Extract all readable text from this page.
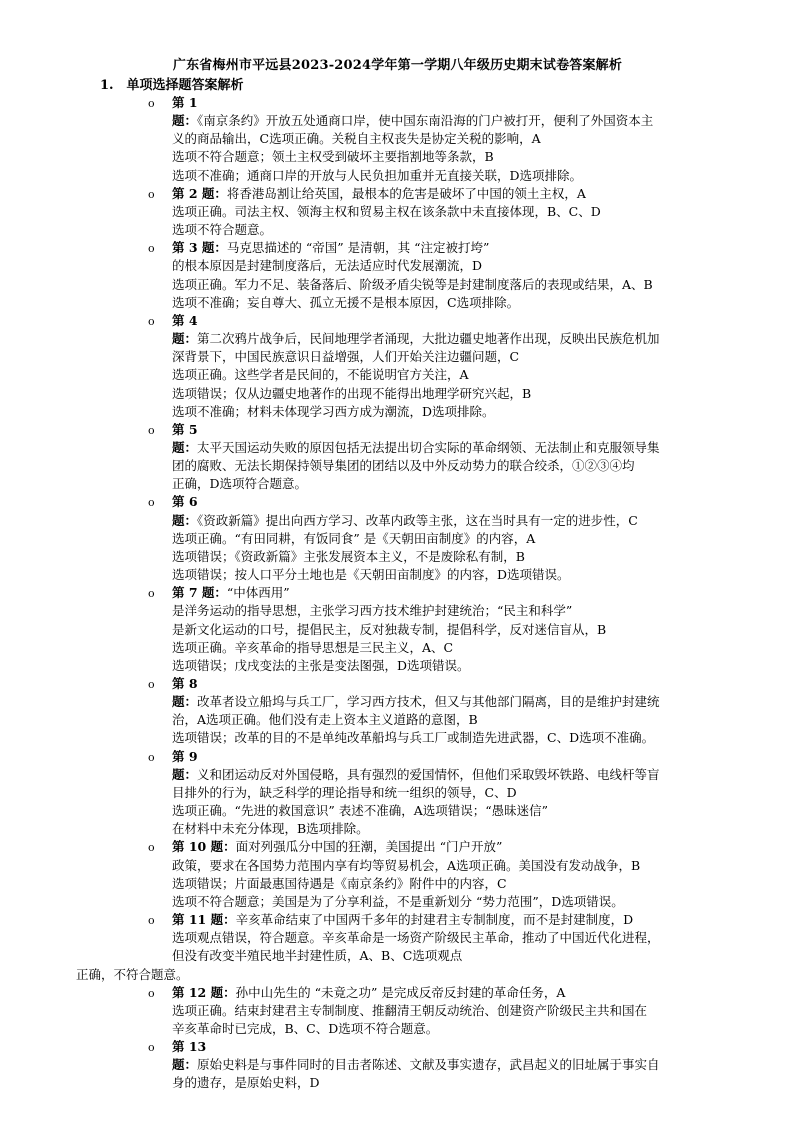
广东省梅州市平远县2023-2024学年第一学期八年级历史期末试卷答案解析
1. 单项选择题答案解析
o 第 1
题：《南京条约》开放五处通商口岸，使中国东南沿海的门户被打开，便利了外国资本主
义的商品输出，C选项正确。关税自主权丧失是协定关税的影响，A
选项不符合题意；领土主权受到破坏主要指割地等条款，B
选项不准确；通商口岸的开放与人民负担加重并无直接关联，D选项排除。
o 第 2 题：将香港岛割让给英国，最根本的危害是破坏了中国的领土主权，A
选项正确。司法主权、领海主权和贸易主权在该条款中未直接体现，B、C、D
选项不符合题意。
o 第 3 题：马克思描述的 “帝国” 是清朝，其 “注定被打垮”
的根本原因是封建制度落后，无法适应时代发展潮流，D
选项正确。军力不足、装备落后、阶级矛盾尖锐等是封建制度落后的表现或结果，A、B
选项不准确；妄自尊大、孤立无援不是根本原因，C选项排除。
o 第 4
题：第二次鸦片战争后，民间地理学者涌现，大批边疆史地著作出现，反映出民族危机加
深背景下，中国民族意识日益增强，人们开始关注边疆问题，C
选项正确。这些学者是民间的，不能说明官方关注，A
选项错误；仅从边疆史地著作的出现不能得出地理学研究兴起，B
选项不准确；材料未体现学习西方成为潮流，D选项排除。
o 第 5
题：太平天国运动失败的原因包括无法提出切合实际的革命纲领、无法制止和克服领导集
团的腐败、无法长期保持领导集团的团结以及中外反动势力的联合绞杀，①②③④均
正确，D选项符合题意。
o 第 6
题：《资政新篇》提出向西方学习、改革内政等主张，这在当时具有一定的进步性，C
选项正确。“有田同耕，有饭同食” 是《天朝田亩制度》的内容，A
选项错误；《资政新篇》主张发展资本主义，不是废除私有制，B
选项错误；按人口平分土地也是《天朝田亩制度》的内容，D选项错误。
o 第 7 题：“中体西用”
是洋务运动的指导思想，主张学习西方技术维护封建统治；“民主和科学”
是新文化运动的口号，提倡民主，反对独裁专制，提倡科学，反对迷信盲从，B
选项正确。辛亥革命的指导思想是三民主义，A、C
选项错误；戊戌变法的主张是变法图强，D选项错误。
o 第 8
题：改革者设立船坞与兵工厂，学习西方技术，但又与其他部门隔离，目的是维护封建统
治，A选项正确。他们没有走上资本主义道路的意图，B
选项错误；改革的目的不是单纯改革船坞与兵工厂或制造先进武器，C、D选项不准确。
o 第 9
题：义和团运动反对外国侵略，具有强烈的爱国情怀，但他们采取毁坏铁路、电线杆等盲
目排外的行为，缺乏科学的理论指导和统一组织的领导，C、D
选项正确。“先进的救国意识” 表述不准确，A选项错误；“愚昧迷信”
在材料中未充分体现，B选项排除。
o 第 10 题：面对列强瓜分中国的狂潮，美国提出 “门户开放”
政策，要求在各国势力范围内享有均等贸易机会，A选项正确。美国没有发动战争，B
选项错误；片面最惠国待遇是《南京条约》附件中的内容，C
选项不符合题意；美国是为了分享利益，不是重新划分 “势力范围”，D选项错误。
o 第 11 题：辛亥革命结束了中国两千多年的封建君主专制制度，而不是封建制度，D
选项观点错误，符合题意。辛亥革命是一场资产阶级民主革命，推动了中国近代化进程，
但没有改变半殖民地半封建性质，A、B、C选项观点
正确，不符合题意。
o 第 12 题：孙中山先生的 “未竟之功” 是完成反帝反封建的革命任务，A
选项正确。结束封建君主专制制度、推翻清王朝反动统治、创建资产阶级民主共和国在
辛亥革命时已完成，B、C、D选项不符合题意。
o 第 13
题：原始史料是与事件同时的目击者陈述、文献及事实遗存，武昌起义的旧址属于事实自
身的遗存，是原始史料，D
